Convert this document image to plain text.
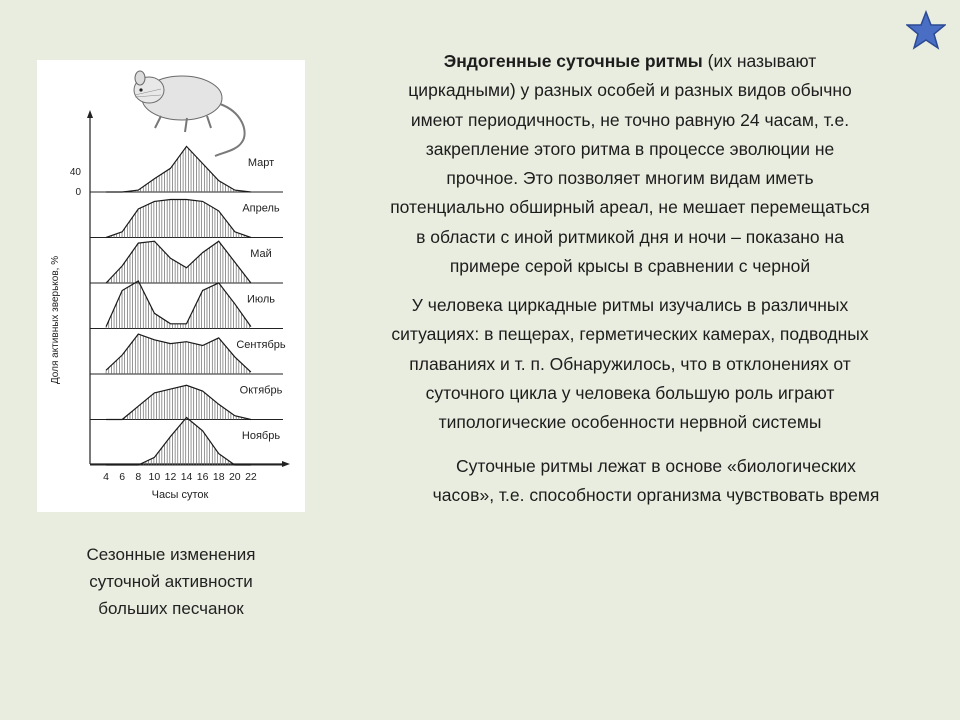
Доля активных зверьков, %
40
0
Март
Апрель
Май
Июль
Сентябрь
Октябрь
Ноябрь
4 6 8 10 12 14 16 18 20 22
Часы суток
Сезонные изменения
суточной активности
больших песчанок
Эндогенные суточные ритмы (их называют
циркадными) у разных особей и разных видов обычно
имеют периодичность, не точно равную 24 часам, т.е.
закрепление этого ритма в процессе эволюции не
прочное. Это позволяет многим видам иметь
потенциально обширный ареал, не мешает перемещаться
в области с иной ритмикой дня и ночи – показано на
примере серой крысы в сравнении с черной
У человека циркадные ритмы изучались в различных
ситуациях: в пещерах, герметических камерах, подводных
плаваниях и т. п. Обнаружилось, что в отклонениях от
суточного цикла у человека большую роль играют
типологические особенности нервной системы
Суточные ритмы лежат в основе «биологических
часов», т.е. способности организма чувствовать время
